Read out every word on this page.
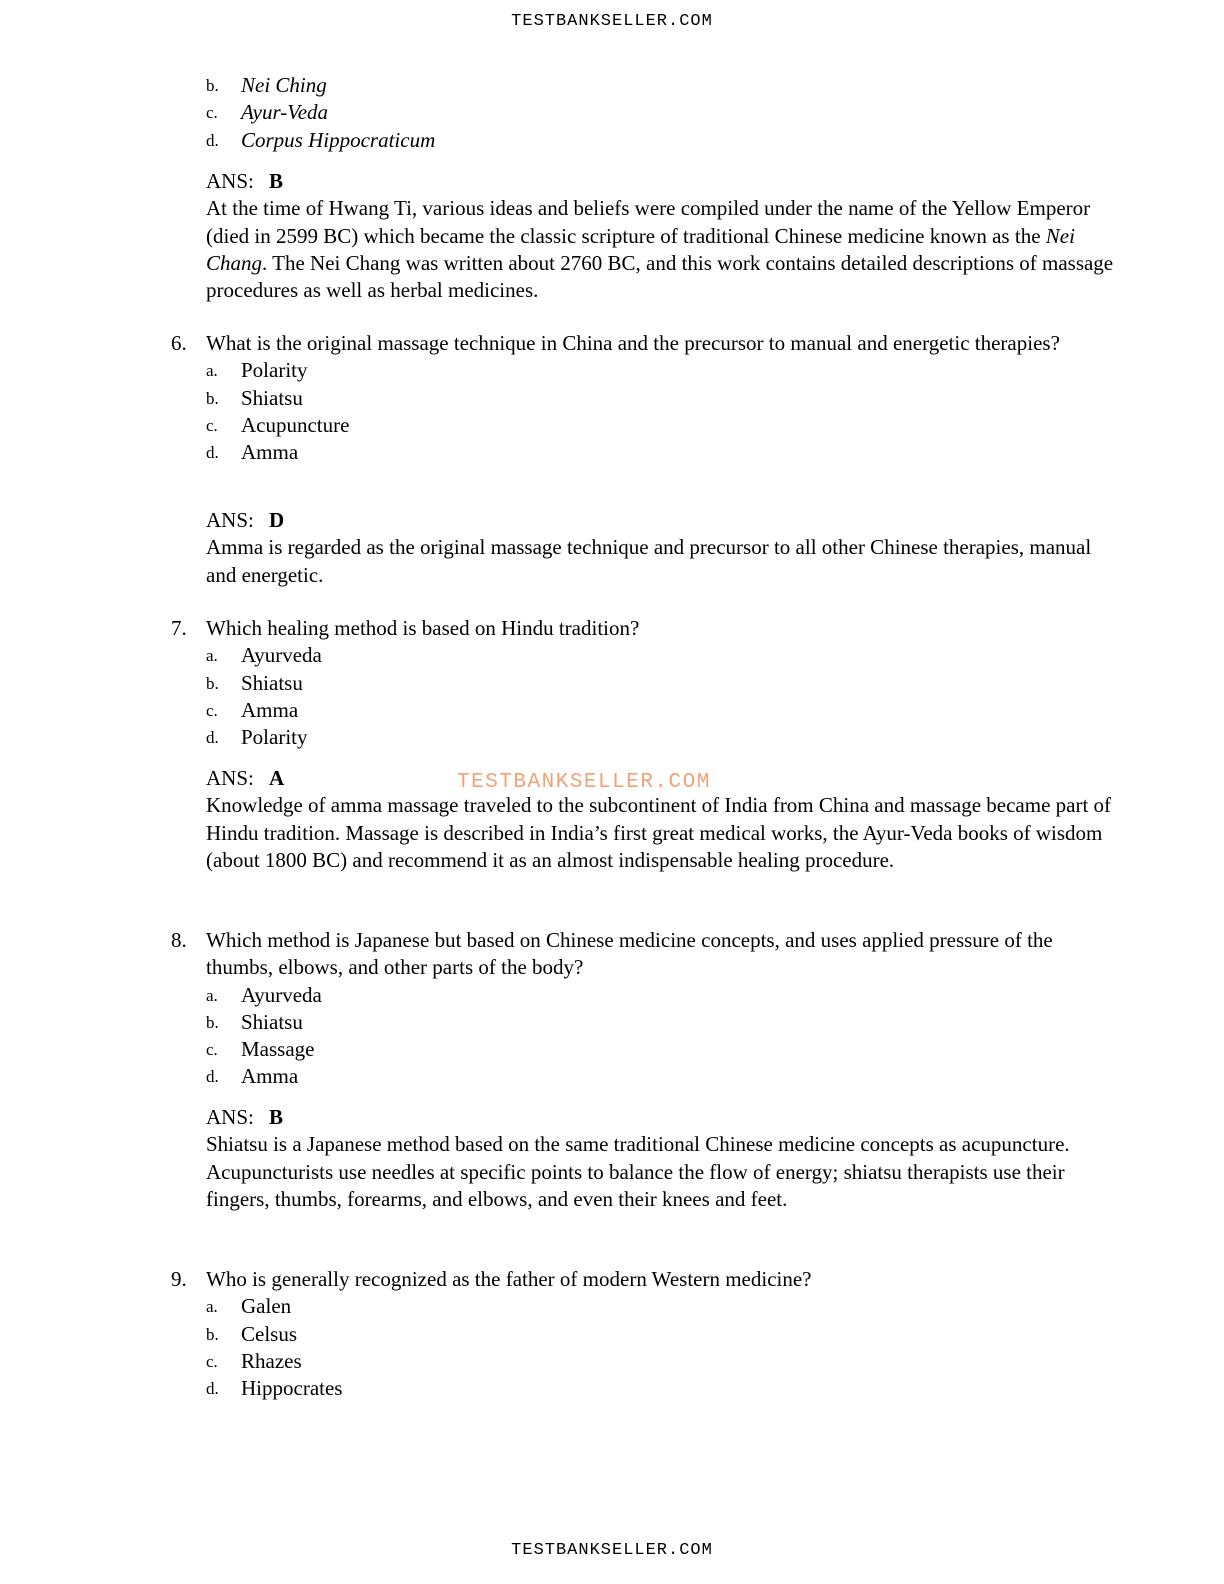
TESTBANKSELLER.COM
b. Nei Ching
c. Ayur-Veda
d. Corpus Hippocraticum
ANS: B
At the time of Hwang Ti, various ideas and beliefs were compiled under the name of the Yellow Emperor (died in 2599 BC) which became the classic scripture of traditional Chinese medicine known as the Nei Chang. The Nei Chang was written about 2760 BC, and this work contains detailed descriptions of massage procedures as well as herbal medicines.
6. What is the original massage technique in China and the precursor to manual and energetic therapies?
a. Polarity
b. Shiatsu
c. Acupuncture
d. Amma
ANS: D
Amma is regarded as the original massage technique and precursor to all other Chinese therapies, manual and energetic.
7. Which healing method is based on Hindu tradition?
a. Ayurveda
b. Shiatsu
c. Amma
d. Polarity
ANS: A
Knowledge of amma massage traveled to the subcontinent of India from China and massage became part of Hindu tradition. Massage is described in India’s first great medical works, the Ayur-Veda books of wisdom (about 1800 BC) and recommend it as an almost indispensable healing procedure.
8. Which method is Japanese but based on Chinese medicine concepts, and uses applied pressure of the thumbs, elbows, and other parts of the body?
a. Ayurveda
b. Shiatsu
c. Massage
d. Amma
ANS: B
Shiatsu is a Japanese method based on the same traditional Chinese medicine concepts as acupuncture. Acupuncturists use needles at specific points to balance the flow of energy; shiatsu therapists use their fingers, thumbs, forearms, and elbows, and even their knees and feet.
9. Who is generally recognized as the father of modern Western medicine?
a. Galen
b. Celsus
c. Rhazes
d. Hippocrates
TESTBANKSELLER.COM
TESTBANKSELLER.COM
